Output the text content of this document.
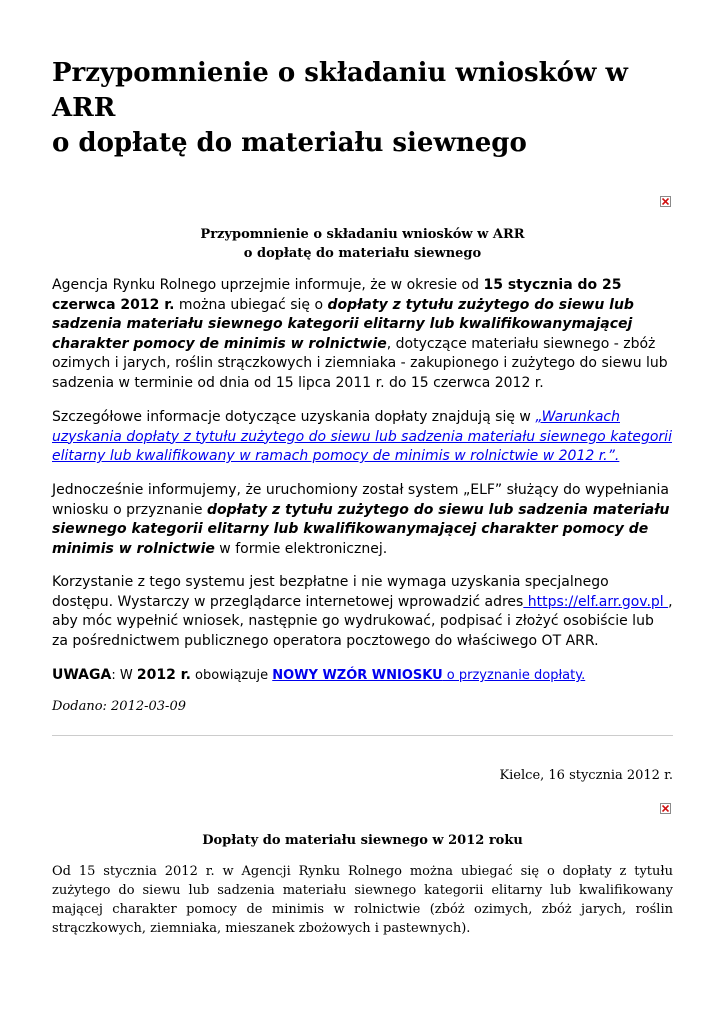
Przypomnienie o składaniu wniosków w ARR
o dopłatę do materiału siewnego
Przypomnienie o składaniu wniosków w ARR
o dopłatę do materiału siewnego

Agencja Rynku Rolnego uprzejmie informuje, że w okresie od 15 stycznia do 25 czerwca 2012 r. można ubiegać się o dopłaty z tytułu zużytego do siewu lub sadzenia materiału siewnego kategorii elitarny lub kwalifikowanymającej charakter pomocy de minimis w rolnictwie, dotyczące materiału siewnego - zbóż ozimych i jarych, roślin strączkowych i ziemniaka - zakupionego i zużytego do siewu lub sadzenia w terminie od dnia od 15 lipca 2011 r. do 15 czerwca 2012 r.

Szczegółowe informacje dotyczące uzyskania dopłaty znajdują się w „Warunkach uzyskania dopłaty z tytułu zużytego do siewu lub sadzenia materiału siewnego kategorii elitarny lub kwalifikowany w ramach pomocy de minimis w rolnictwie w 2012 r.”.

Jednocześnie informujemy, że uruchomiony został system „ELF” służący do wypełniania wniosku o przyznanie dopłaty z tytułu zużytego do siewu lub sadzenia materiału siewnego kategorii elitarny lub kwalifikowanymającej charakter pomocy de minimis w rolnictwie w formie elektronicznej.

Korzystanie z tego systemu jest bezpłatne i nie wymaga uzyskania specjalnego dostępu. Wystarczy w przeglądarce internetowej wprowadzić adres https://elf.arr.gov.pl , aby móc wypełnić wniosek, następnie go wydrukować, podpisać i złożyć osobiście lub za pośrednictwem publicznego operatora pocztowego do właściwego OT ARR.

UWAGA: W 2012 r. obowiązuje NOWY WZÓR WNIOSKU o przyznanie dopłaty.
Dodano: 2012-03-09
Kielce, 16 stycznia 2012 r.
Dopłaty do materiału siewnego w 2012 roku

Od 15 stycznia 2012 r. w Agencji Rynku Rolnego można ubiegać się o dopłaty z tytułu zużytego do siewu lub sadzenia materiału siewnego kategorii elitarny lub kwalifikowany mającej charakter pomocy de minimis w rolnictwie (zbóż ozimych, zbóż jarych, roślin strączkowych, ziemniaka, mieszanek zbożowych i pastewnych).
